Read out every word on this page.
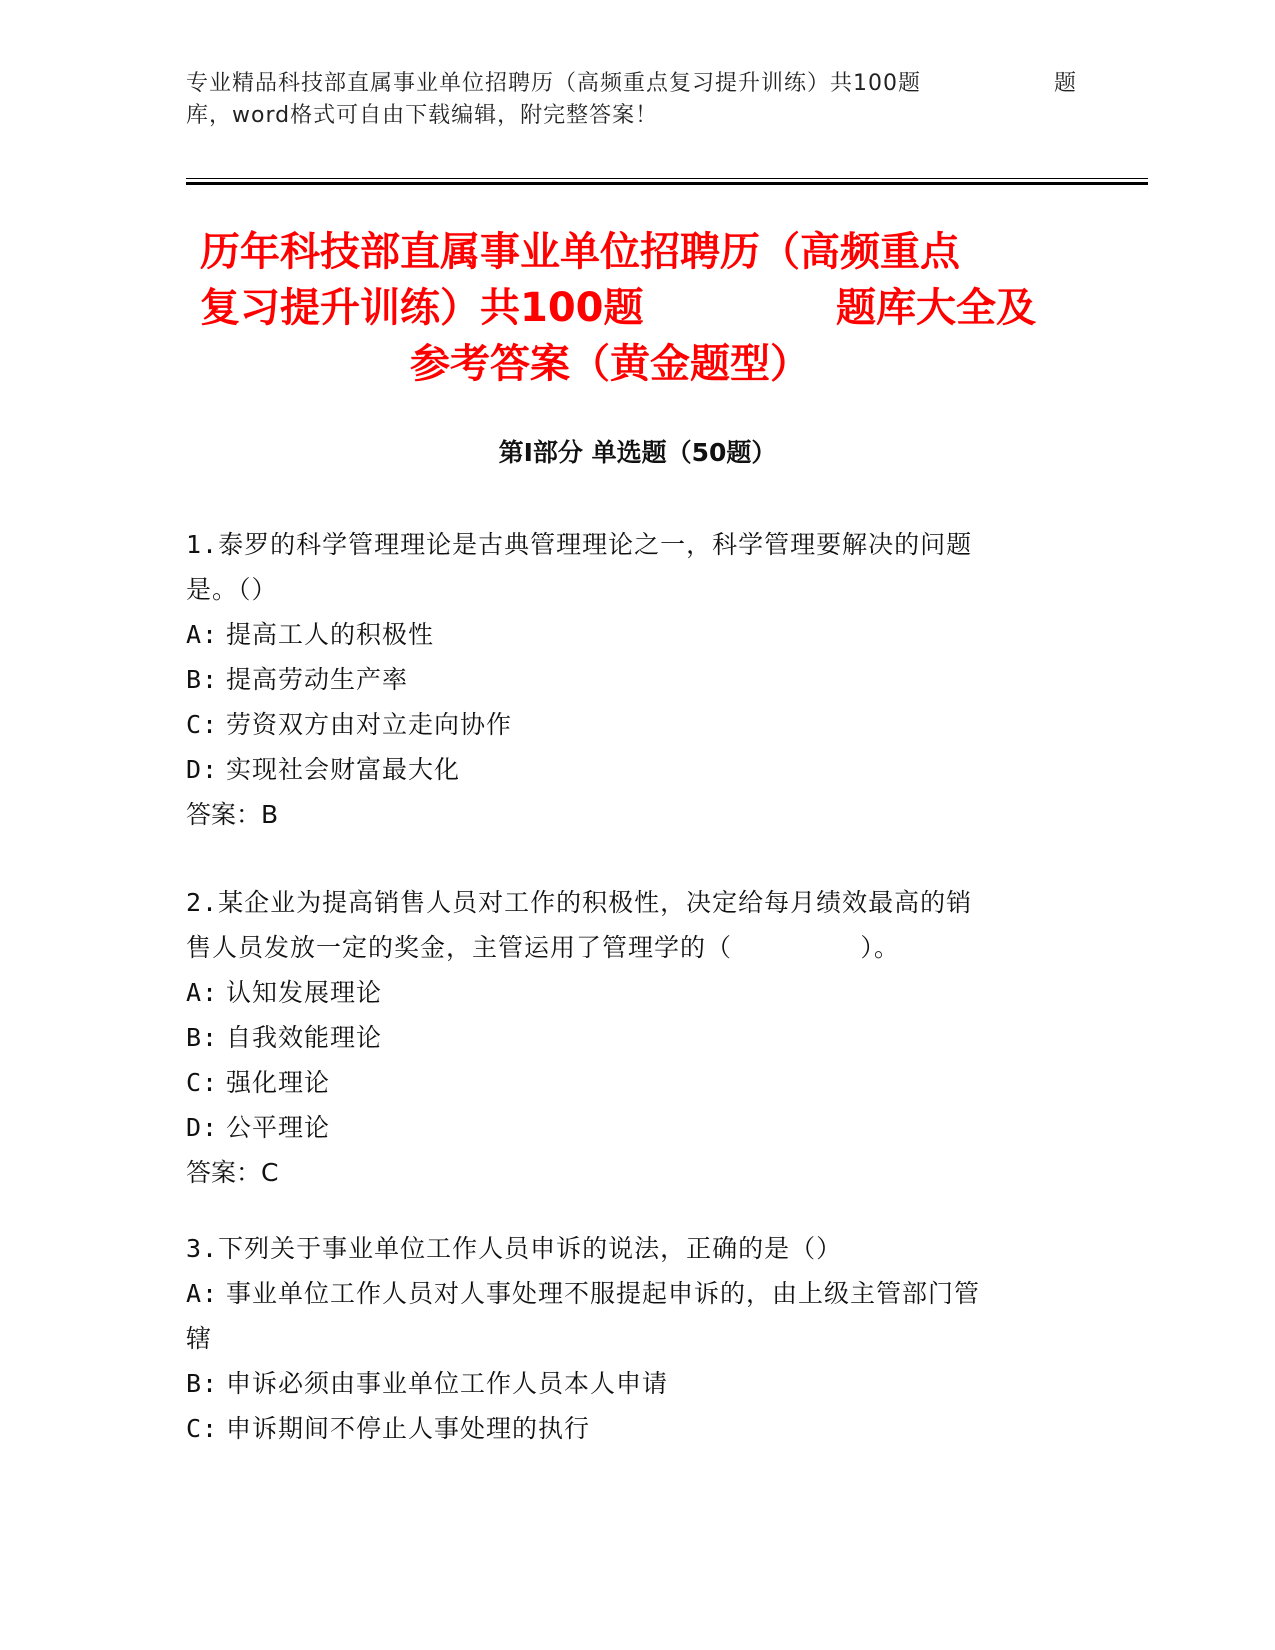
专业精品科技部直属事业单位招聘历（高频重点复习提升训练）共100题	题
库，word格式可自由下载编辑，附完整答案！
历年科技部直属事业单位招聘历（高频重点
复习提升训练）共100题	题库大全及
参考答案（黄金题型）
第Ⅰ部分 单选题（50题）
1.泰罗的科学管理理论是古典管理理论之一，科学管理要解决的问题
是。（）
A: 提高工人的积极性
B: 提高劳动生产率
C: 劳资双方由对立走向协作
D: 实现社会财富最大化
答案：B
2.某企业为提高销售人员对工作的积极性，决定给每月绩效最高的销
售人员发放一定的奖金，主管运用了管理学的（        ）。
A: 认知发展理论
B: 自我效能理论
C: 强化理论
D: 公平理论
答案：C
3.下列关于事业单位工作人员申诉的说法，正确的是（）
A: 事业单位工作人员对人事处理不服提起申诉的，由上级主管部门管
辖
B: 申诉必须由事业单位工作人员本人申请
C: 申诉期间不停止人事处理的执行
